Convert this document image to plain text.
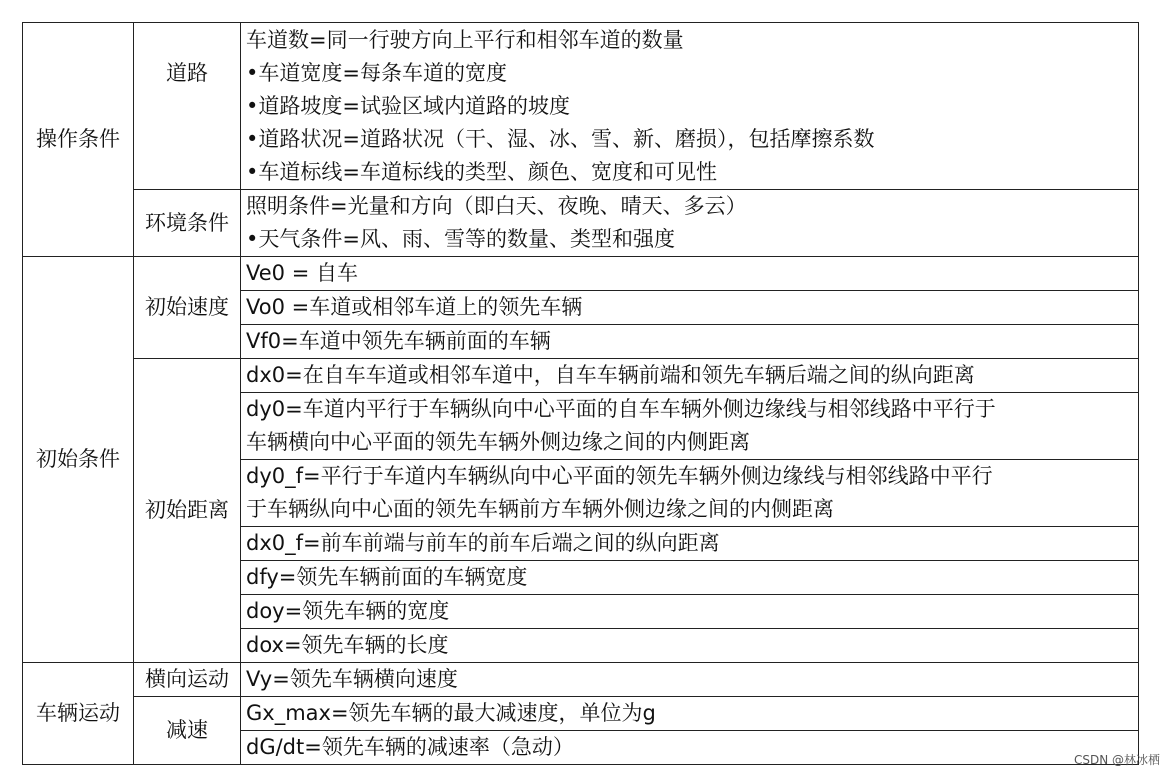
操作条件	道路	车道数=同一行驶方向上平行和相邻车道的数量
•车道宽度=每条车道的宽度
•道路坡度=试验区域内道路的坡度
•道路状况=道路状况（干、湿、冰、雪、新、磨损），包括摩擦系数
•车道标线=车道标线的类型、颜色、宽度和可见性

	环境条件	照明条件=光量和方向（即白天、夜晚、晴天、多云）
•天气条件=风、雨、雪等的数量、类型和强度

初始条件	初始速度	Ve0 = 自车
		Vo0 =车道或相邻车道上的领先车辆
		Vf0=车道中领先车辆前面的车辆
	初始距离	dx0=在自车车道或相邻车道中，自车车辆前端和领先车辆后端之间的纵向距离

		dy0=车道内平行于车辆纵向中心平面的自车车辆外侧边缘线与相邻线路中平行于
车辆横向中心平面的领先车辆外侧边缘之间的内侧距离

		dy0_f=平行于车道内车辆纵向中心平面的领先车辆外侧边缘线与相邻线路中平行
于车辆纵向中心面的领先车辆前方车辆外侧边缘之间的内侧距离

		dx0_f=前车前端与前车的前车后端之间的纵向距离
		dfy=领先车辆前面的车辆宽度
		doy=领先车辆的宽度
		dox=领先车辆的长度
车辆运动	横向运动	Vy=领先车辆横向速度
	减速	Gx_max=领先车辆的最大减速度，单位为g
		dG/dt=领先车辆的减速率（急动）
CSDN @林冰栖
